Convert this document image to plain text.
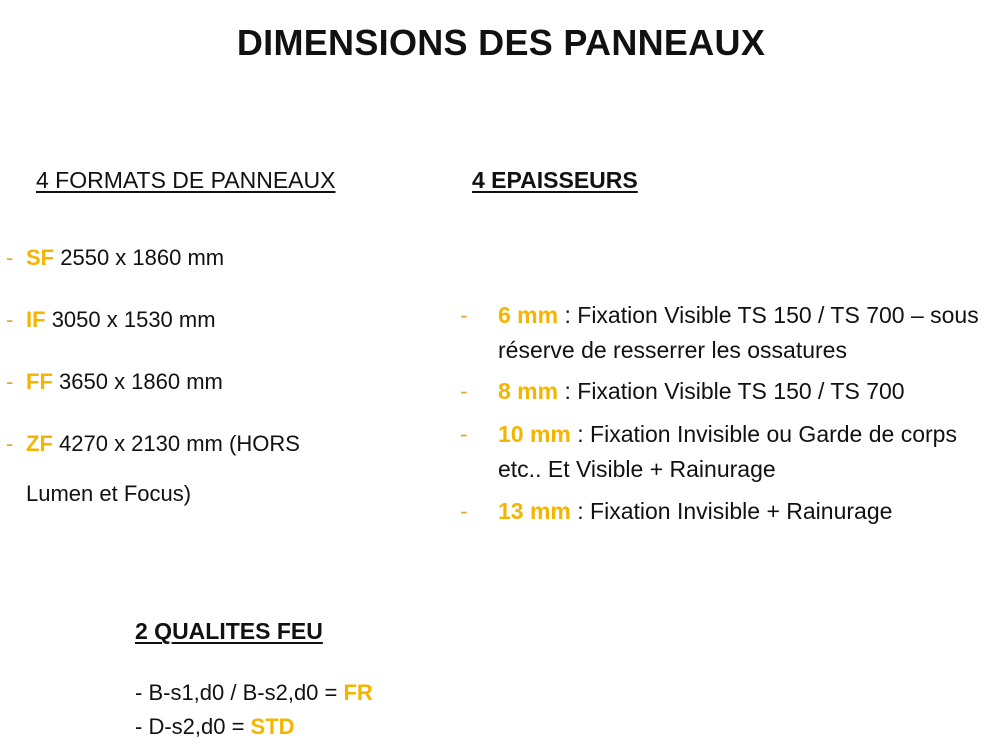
DIMENSIONS DES PANNEAUX
4 FORMATS DE PANNEAUX
- SF 2550 x 1860 mm
- IF 3050 x 1530 mm
- FF 3650 x 1860 mm
- ZF 4270 x 2130 mm (HORS
Lumen et Focus)
4 EPAISSEURS
- 6 mm : Fixation Visible TS 150 / TS 700 – sous réserve de resserrer les ossatures
- 8 mm : Fixation Visible TS 150 / TS 700
- 10 mm : Fixation Invisible ou Garde de corps etc.. Et Visible + Rainurage
- 13 mm : Fixation Invisible + Rainurage
2 QUALITES FEU
- B-s1,d0 / B-s2,d0 = FR
- D-s2,d0 = STD
